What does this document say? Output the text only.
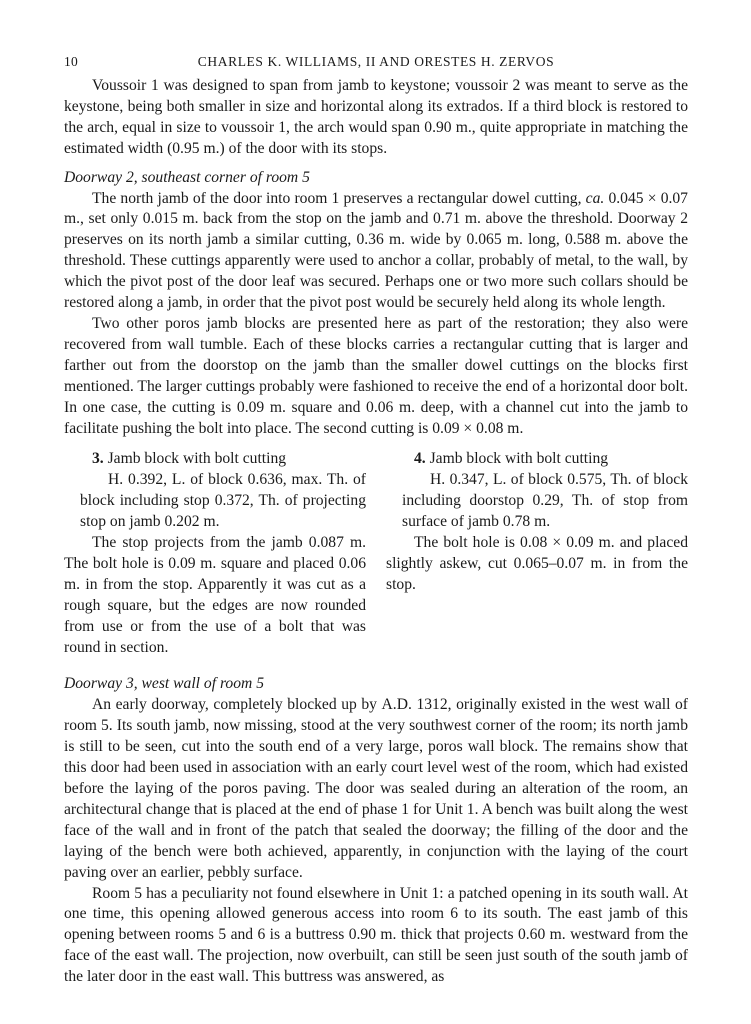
10	CHARLES K. WILLIAMS, II AND ORESTES H. ZERVOS

Voussoir 1 was designed to span from jamb to keystone; voussoir 2 was meant to serve as the keystone, being both smaller in size and horizontal along its extrados. If a third block is restored to the arch, equal in size to voussoir 1, the arch would span 0.90 m., quite appropriate in matching the estimated width (0.95 m.) of the door with its stops.

Doorway 2, southeast corner of room 5

The north jamb of the door into room 1 preserves a rectangular dowel cutting, ca. 0.045 × 0.07 m., set only 0.015 m. back from the stop on the jamb and 0.71 m. above the threshold. Doorway 2 preserves on its north jamb a similar cutting, 0.36 m. wide by 0.065 m. long, 0.588 m. above the threshold. These cuttings apparently were used to anchor a collar, probably of metal, to the wall, by which the pivot post of the door leaf was secured. Perhaps one or two more such collars should be restored along a jamb, in order that the pivot post would be securely held along its whole length.

Two other poros jamb blocks are presented here as part of the restoration; they also were recovered from wall tumble. Each of these blocks carries a rectangular cutting that is larger and farther out from the doorstop on the jamb than the smaller dowel cuttings on the blocks first mentioned. The larger cuttings probably were fashioned to receive the end of a horizontal door bolt. In one case, the cutting is 0.09 m. square and 0.06 m. deep, with a channel cut into the jamb to facilitate pushing the bolt into place. The second cutting is 0.09 × 0.08 m.

3. Jamb block with bolt cutting

H. 0.392, L. of block 0.636, max. Th. of block including stop 0.372, Th. of projecting stop on jamb 0.202 m.

The stop projects from the jamb 0.087 m. The bolt hole is 0.09 m. square and placed 0.06 m. in from the stop. Apparently it was cut as a rough square, but the edges are now rounded from use or from the use of a bolt that was round in section.

4. Jamb block with bolt cutting

H. 0.347, L. of block 0.575, Th. of block including doorstop 0.29, Th. of stop from surface of jamb 0.78 m.

The bolt hole is 0.08 × 0.09 m. and placed slightly askew, cut 0.065–0.07 m. in from the stop.

Doorway 3, west wall of room 5

An early doorway, completely blocked up by A.D. 1312, originally existed in the west wall of room 5. Its south jamb, now missing, stood at the very southwest corner of the room; its north jamb is still to be seen, cut into the south end of a very large, poros wall block. The remains show that this door had been used in association with an early court level west of the room, which had existed before the laying of the poros paving. The door was sealed during an alteration of the room, an architectural change that is placed at the end of phase 1 for Unit 1. A bench was built along the west face of the wall and in front of the patch that sealed the doorway; the filling of the door and the laying of the bench were both achieved, apparently, in conjunction with the laying of the court paving over an earlier, pebbly surface.

Room 5 has a peculiarity not found elsewhere in Unit 1: a patched opening in its south wall. At one time, this opening allowed generous access into room 6 to its south. The east jamb of this opening between rooms 5 and 6 is a buttress 0.90 m. thick that projects 0.60 m. westward from the face of the east wall. The projection, now overbuilt, can still be seen just south of the south jamb of the later door in the east wall. This buttress was answered, as
